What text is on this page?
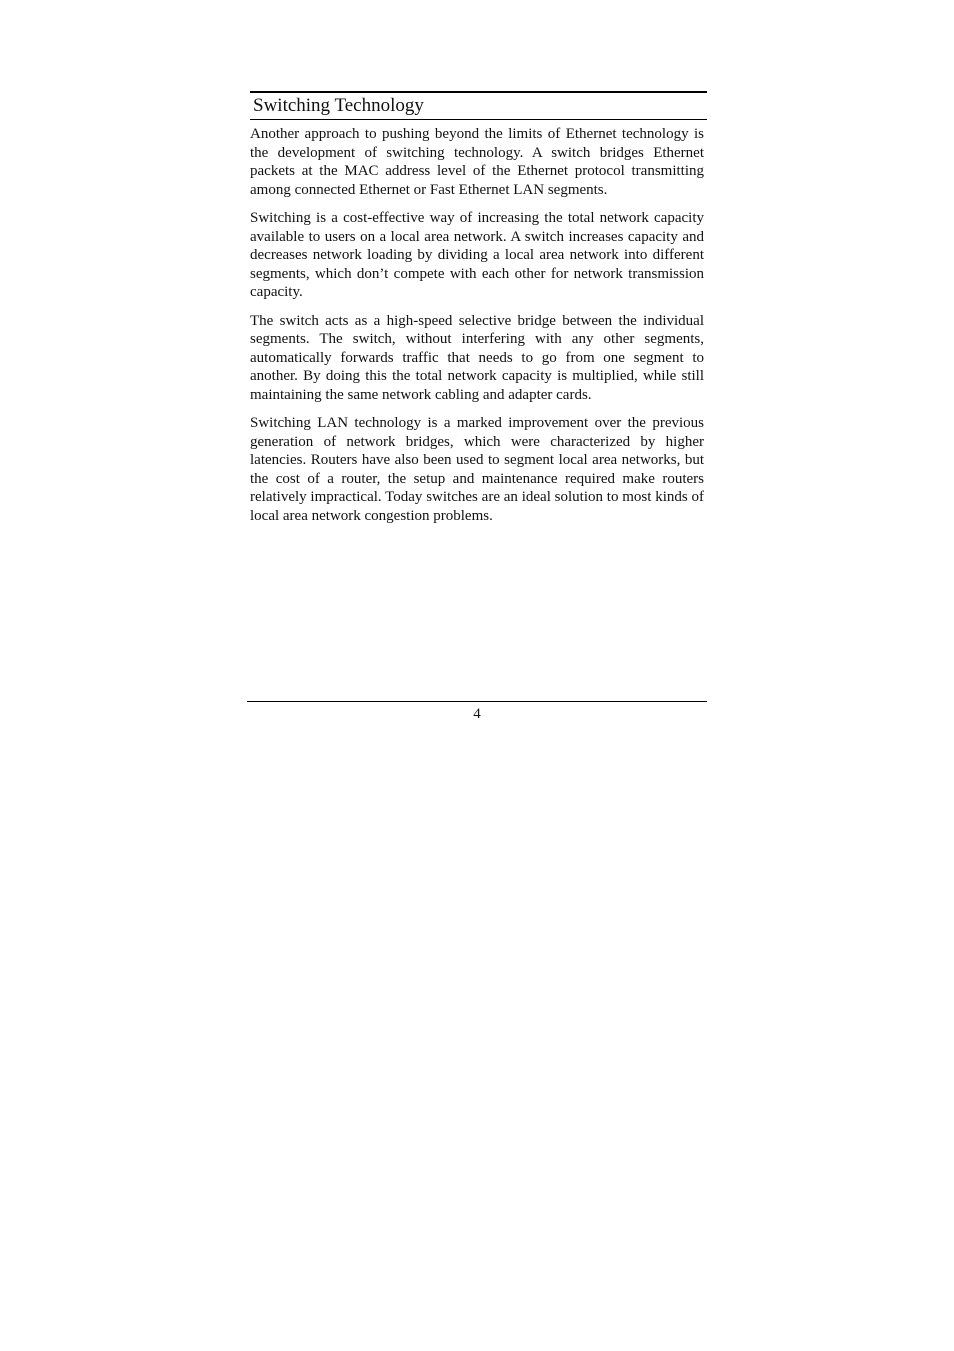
Switching Technology

Another approach to pushing beyond the limits of Ethernet technology is the development of switching technology. A switch bridges Ethernet packets at the MAC address level of the Ethernet protocol transmitting among connected Ethernet or Fast Ethernet LAN segments.

Switching is a cost-effective way of increasing the total network capacity available to users on a local area network. A switch increases capacity and decreases network loading by dividing a local area network into different segments, which don’t compete with each other for network transmission capacity.

The switch acts as a high-speed selective bridge between the individual segments. The switch, without interfering with any other segments, automatically forwards traffic that needs to go from one segment to another. By doing this the total network capacity is multiplied, while still maintaining the same network cabling and adapter cards.

Switching LAN technology is a marked improvement over the previous generation of network bridges, which were characterized by higher latencies. Routers have also been used to segment local area networks, but the cost of a router, the setup and maintenance required make routers relatively impractical. Today switches are an ideal solution to most kinds of local area network congestion problems.

4
